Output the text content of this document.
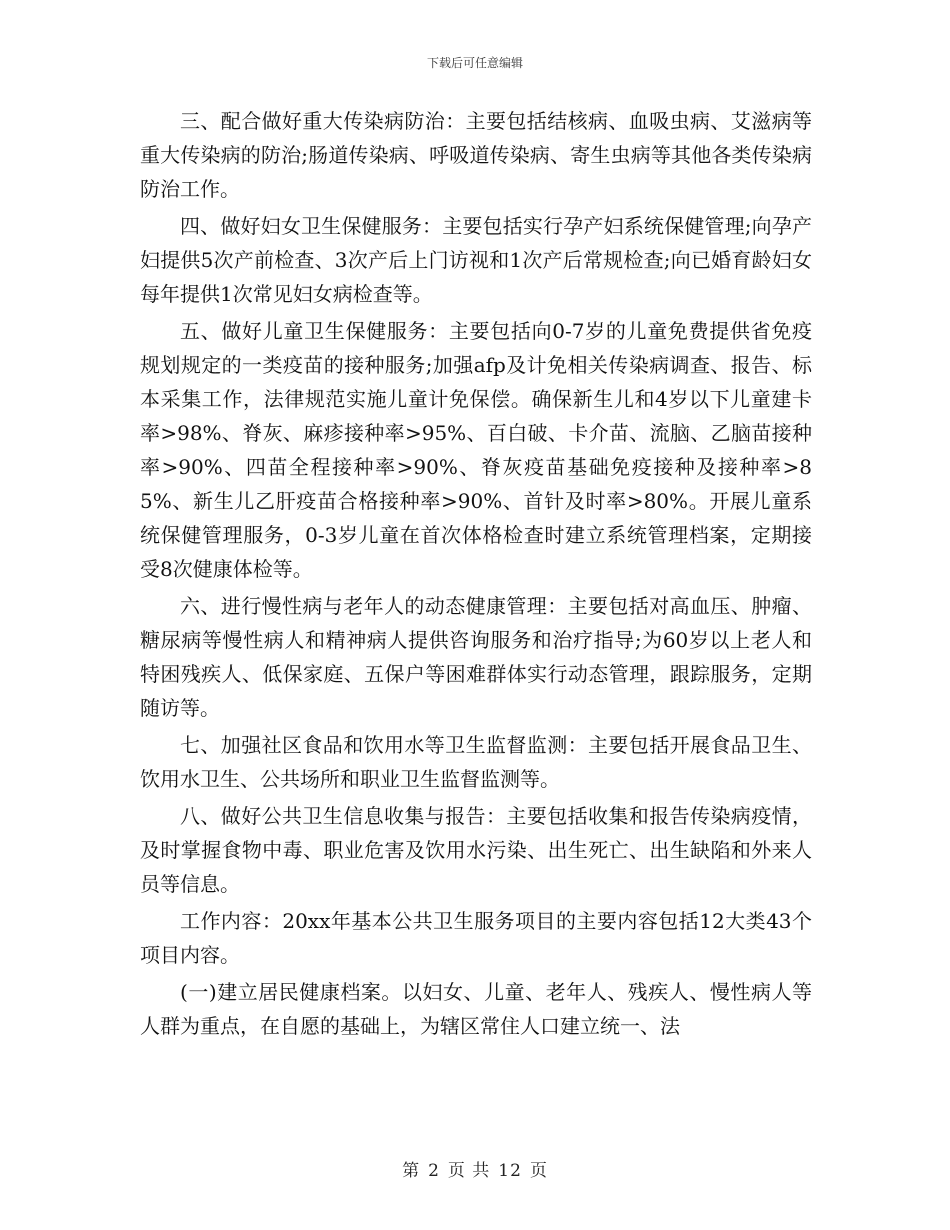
下载后可任意编辑

三、配合做好重大传染病防治：主要包括结核病、血吸虫病、艾滋病等重大传染病的防治;肠道传染病、呼吸道传染病、寄生虫病等其他各类传染病防治工作。

四、做好妇女卫生保健服务：主要包括实行孕产妇系统保健管理;向孕产妇提供5次产前检查、3次产后上门访视和1次产后常规检查;向已婚育龄妇女每年提供1次常见妇女病检查等。

五、做好儿童卫生保健服务：主要包括向0-7岁的儿童免费提供省免疫规划规定的一类疫苗的接种服务;加强afp及计免相关传染病调查、报告、标本采集工作，法律规范实施儿童计免保偿。确保新生儿和4岁以下儿童建卡率>98%、脊灰、麻疹接种率>95%、百白破、卡介苗、流脑、乙脑苗接种率>90%、四苗全程接种率>90%、脊灰疫苗基础免疫接种及接种率>85%、新生儿乙肝疫苗合格接种率>90%、首针及时率>80%。开展儿童系统保健管理服务，0-3岁儿童在首次体格检查时建立系统管理档案，定期接受8次健康体检等。

六、进行慢性病与老年人的动态健康管理：主要包括对高血压、肿瘤、糖尿病等慢性病人和精神病人提供咨询服务和治疗指导;为60岁以上老人和特困残疾人、低保家庭、五保户等困难群体实行动态管理，跟踪服务，定期随访等。

七、加强社区食品和饮用水等卫生监督监测：主要包括开展食品卫生、饮用水卫生、公共场所和职业卫生监督监测等。

八、做好公共卫生信息收集与报告：主要包括收集和报告传染病疫情，及时掌握食物中毒、职业危害及饮用水污染、出生死亡、出生缺陷和外来人员等信息。

工作内容：20xx年基本公共卫生服务项目的主要内容包括12大类43个项目内容。

(一)建立居民健康档案。以妇女、儿童、老年人、残疾人、慢性病人等人群为重点，在自愿的基础上，为辖区常住人口建立统一、法

第 2 页 共 12 页
